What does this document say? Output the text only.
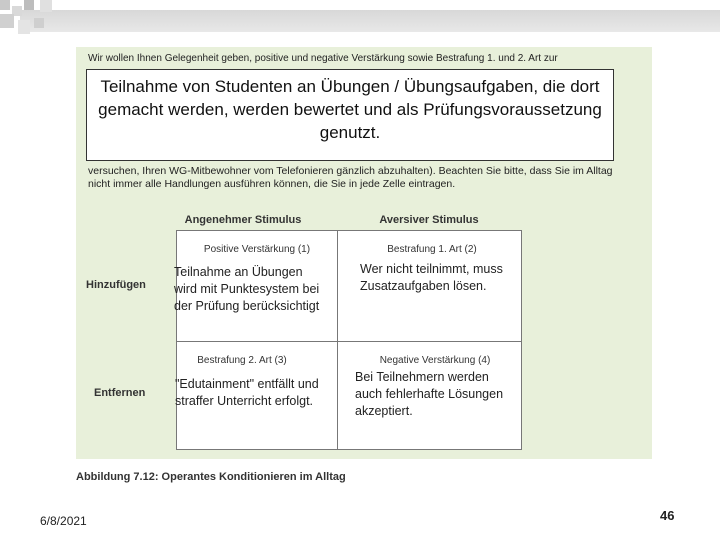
Wir wollen Ihnen Gelegenheit geben, positive und negative Verstärkung sowie Bestrafung 1. und 2. Art zur
versuchen, Ihren WG-Mitbewohner vom Telefonieren gänzlich abzuhalten). Beachten Sie bitte, dass Sie im Alltag nicht immer alle Handlungen ausführen können, die Sie in jede Zelle eintragen.
Angenehmer Stimulus	Aversiver Stimulus
Hinzufügen
Entfernen
Positive Verstärkung (1)
Teilnahme an Übungen wird mit Punktesystem bei der Prüfung berücksichtigt
Bestrafung 1. Art (2)
Wer nicht teilnimmt, muss Zusatzaufgaben lösen.
Bestrafung 2. Art (3)
"Edutainment" entfällt und straffer Unterricht erfolgt.
Negative Verstärkung (4)
Bei Teilnehmern werden auch fehlerhafte Lösungen akzeptiert.
Teilnahme von Studenten an Übungen / Übungsaufgaben, die dort gemacht werden, werden bewertet und als Prüfungsvoraussetzung genutzt.
Abbildung 7.12: Operantes Konditionieren im Alltag
6/8/2021	46
